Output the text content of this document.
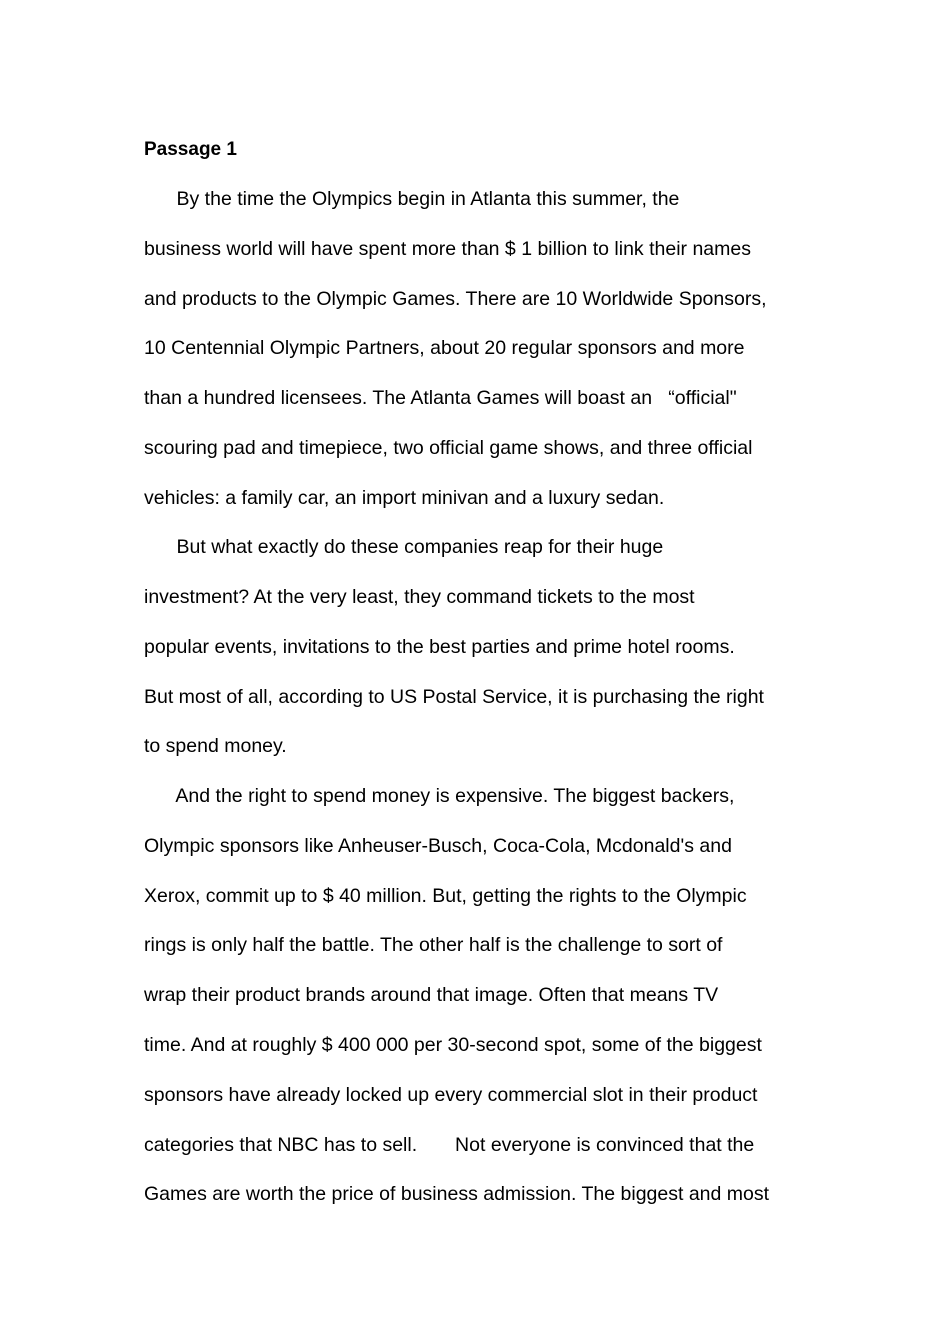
Passage 1
By the time the Olympics begin in Atlanta this summer, the
business world will have spent more than $ 1 billion to link their names
and products to the Olympic Games. There are 10 Worldwide Sponsors,
10 Centennial Olympic Partners, about 20 regular sponsors and more
than a hundred licensees. The Atlanta Games will boast an   “official"
scouring pad and timepiece, two official game shows, and three official
vehicles: a family car, an import minivan and a luxury sedan.
But what exactly do these companies reap for their huge
investment? At the very least, they command tickets to the most
popular events, invitations to the best parties and prime hotel rooms.
But most of all, according to US Postal Service, it is purchasing the right
to spend money.
And the right to spend money is expensive. The biggest backers,
Olympic sponsors like Anheuser-Busch, Coca-Cola, Mcdonald's and
Xerox, commit up to $ 40 million. But, getting the rights to the Olympic
rings is only half the battle. The other half is the challenge to sort of
wrap their product brands around that image. Often that means TV
time. And at roughly $ 400 000 per 30-second spot, some of the biggest
sponsors have already locked up every commercial slot in their product
categories that NBC has to sell.       Not everyone is convinced that the
Games are worth the price of business admission. The biggest and most
